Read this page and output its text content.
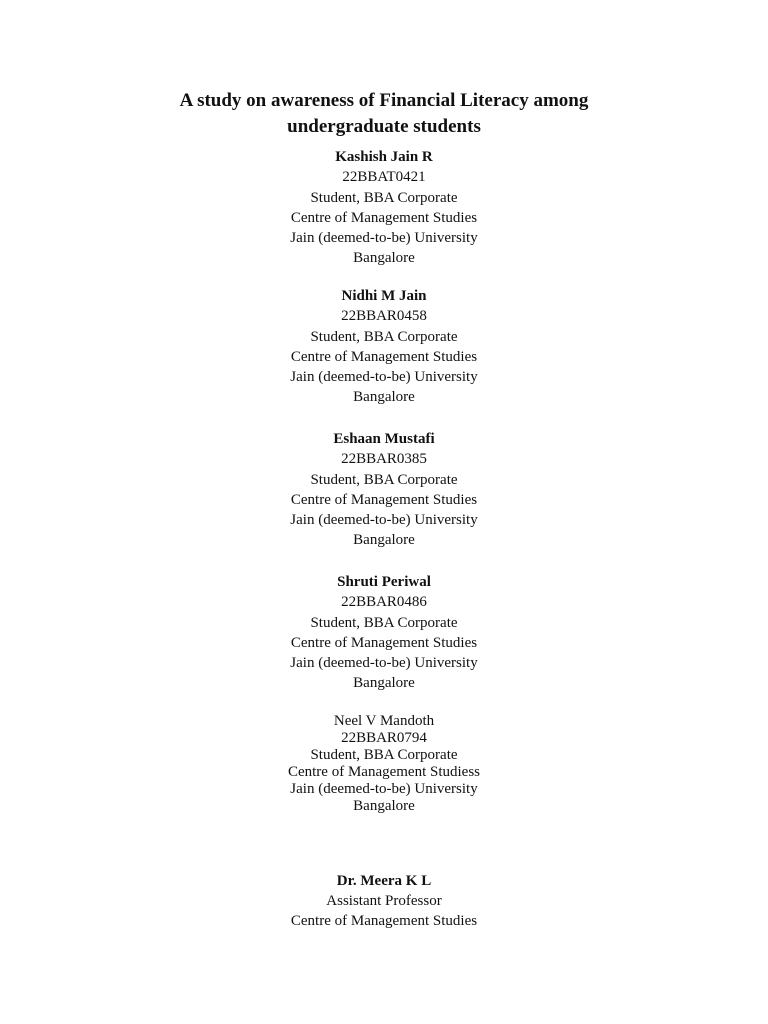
A study on awareness of Financial Literacy among
undergraduate students
Kashish Jain R
22BBAT0421
Student, BBA Corporate
Centre of Management Studies
Jain (deemed-to-be) University
Bangalore
Nidhi M Jain
22BBAR0458
Student, BBA Corporate
Centre of Management Studies
Jain (deemed-to-be) University
Bangalore
Eshaan Mustafi
22BBAR0385
Student, BBA Corporate
Centre of Management Studies
Jain (deemed-to-be) University
Bangalore
Shruti Periwal
22BBAR0486
Student, BBA Corporate
Centre of Management Studies
Jain (deemed-to-be) University
Bangalore
Neel V Mandoth
22BBAR0794
Student, BBA Corporate
Centre of Management Studiess
Jain (deemed-to-be) University
Bangalore
Dr. Meera K L
Assistant Professor
Centre of Management Studies
